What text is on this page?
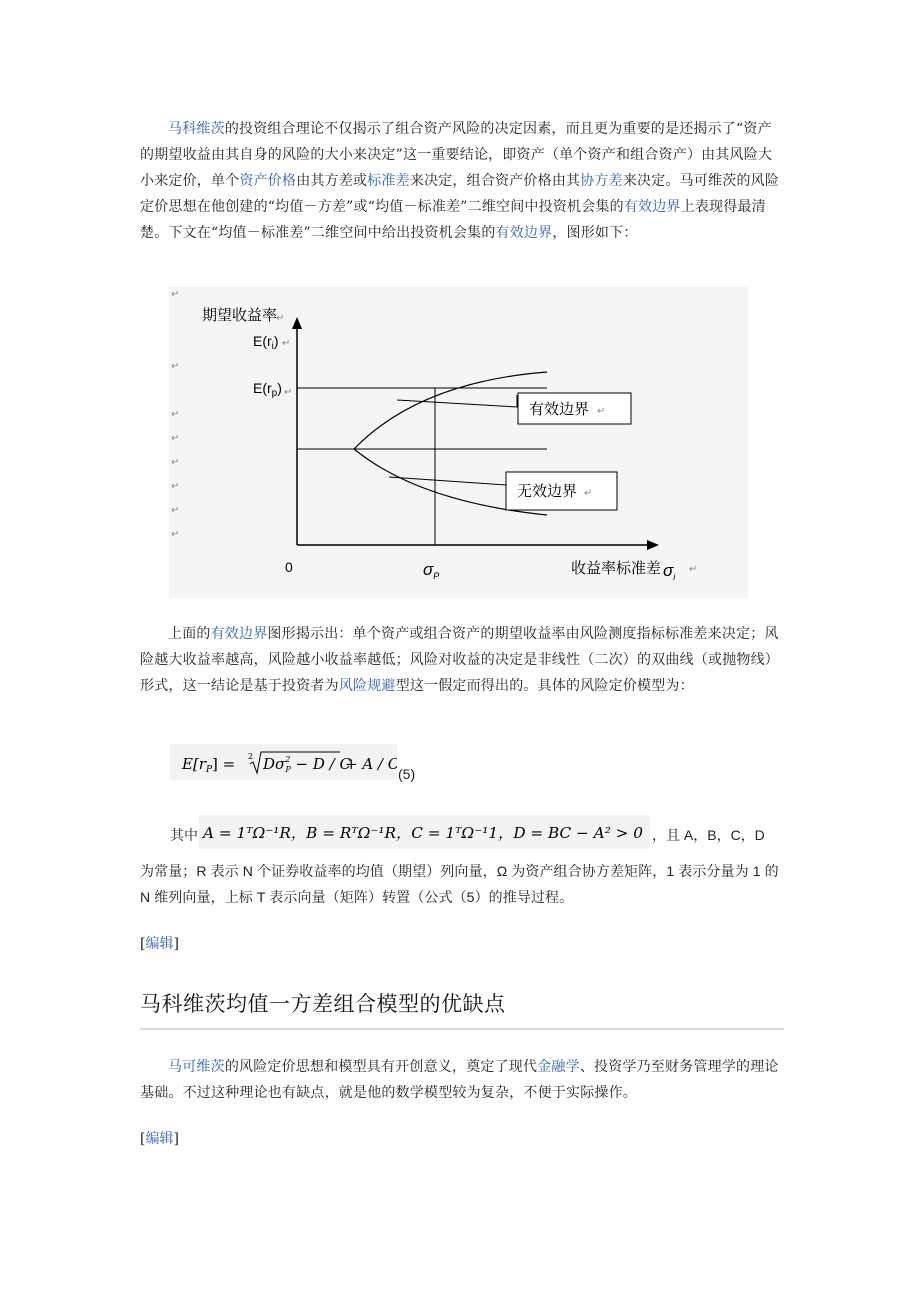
马科维茨的投资组合理论不仅揭示了组合资产风险的决定因素，而且更为重要的是还揭示了“资产的期望收益由其自身的风险的大小来决定”这一重要结论，即资产（单个资产和组合资产）由其风险大小来定价，单个资产价格由其方差或标准差来决定，组合资产价格由其协方差来决定。马可维茨的风险定价思想在他创建的“均值－方差”或“均值－标准差”二维空间中投资机会集的有效边界上表现得最清楚。下文在“均值－标准差”二维空间中给出投资机会集的有效边界，图形如下：

↵
↵
↵
↵
↵
↵
↵
↵
期望收益率
↵
$E(r_i)$ ↵
$E(r_p)$ ↵
0	$\sigma_P$	收益率标准差 $\sigma_i$
↵
有效边界 ↵
无效边界 ↵

上面的有效边界图形揭示出：单个资产或组合资产的期望收益率由风险测度指标标准差来决定；风险越大收益率越高，风险越小收益率越低；风险对收益的决定是非线性（二次）的双曲线（或抛物线）形式，这一结论是基于投资者为风险规避型这一假定而得出的。具体的风险定价模型为：

$E[r_P] = 2$ $D\sigma^2$ P − D / C
+ A / C
(5)
其中 A = 1ᵀΩ⁻¹R，B = RᵀΩ⁻¹R，C = 1ᵀΩ⁻¹1，D = BC − A² > 0 ，且 A，B，C，D

为常量；R 表示 N 个证券收益率的均值（期望）列向量，Ω 为资产组合协方差矩阵，1 表示分量为 1 的 N 维列向量，上标 T 表示向量（矩阵）转置（公式（5）的推导过程。

[编辑]
马科维茨均值一方差组合模型的优缺点

马可维茨的风险定价思想和模型具有开创意义，奠定了现代金融学、投资学乃至财务管理学的理论基础。不过这种理论也有缺点，就是他的数学模型较为复杂，不便于实际操作。

[编辑]
